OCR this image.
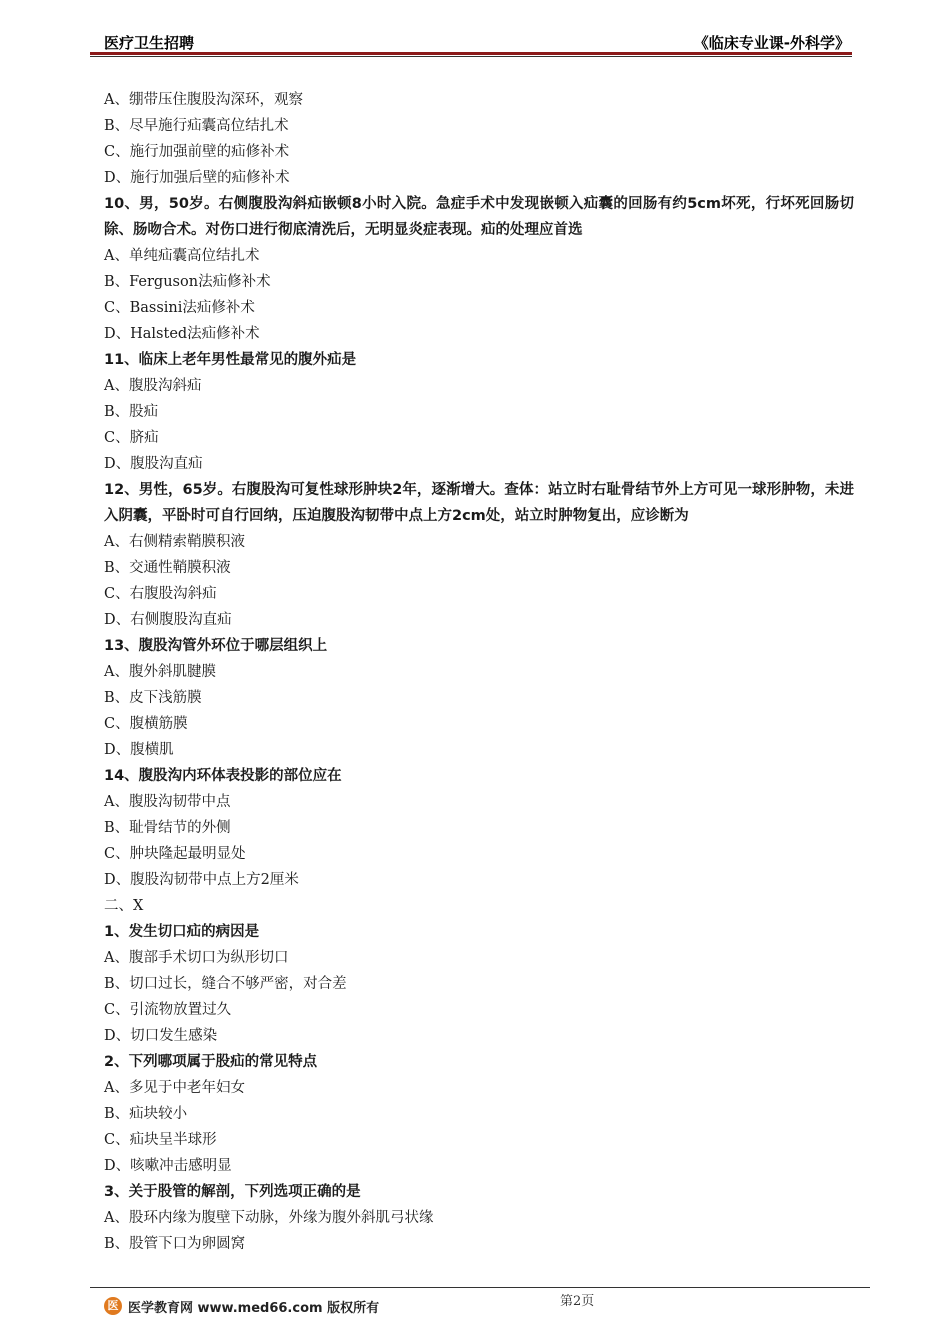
医疗卫生招聘	《临床专业课-外科学》
A、绷带压住腹股沟深环，观察
B、尽早施行疝囊高位结扎术
C、施行加强前壁的疝修补术
D、施行加强后壁的疝修补术
10、男，50岁。右侧腹股沟斜疝嵌顿8小时入院。急症手术中发现嵌顿入疝囊的回肠有约5cm坏死，行坏死回肠切除、肠吻合术。对伤口进行彻底清洗后，无明显炎症表现。疝的处理应首选
A、单纯疝囊高位结扎术
B、Ferguson法疝修补术
C、Bassini法疝修补术
D、Halsted法疝修补术
11、临床上老年男性最常见的腹外疝是
A、腹股沟斜疝
B、股疝
C、脐疝
D、腹股沟直疝
12、男性，65岁。右腹股沟可复性球形肿块2年，逐渐增大。查体：站立时右耻骨结节外上方可见一球形肿物，未进入阴囊，平卧时可自行回纳，压迫腹股沟韧带中点上方2cm处，站立时肿物复出，应诊断为
A、右侧精索鞘膜积液
B、交通性鞘膜积液
C、右腹股沟斜疝
D、右侧腹股沟直疝
13、腹股沟管外环位于哪层组织上
A、腹外斜肌腱膜
B、皮下浅筋膜
C、腹横筋膜
D、腹横肌
14、腹股沟内环体表投影的部位应在
A、腹股沟韧带中点
B、耻骨结节的外侧
C、肿块隆起最明显处
D、腹股沟韧带中点上方2厘米
二、X
1、发生切口疝的病因是
A、腹部手术切口为纵形切口
B、切口过长，缝合不够严密，对合差
C、引流物放置过久
D、切口发生感染
2、下列哪项属于股疝的常见特点
A、多见于中老年妇女
B、疝块较小
C、疝块呈半球形
D、咳嗽冲击感明显
3、关于股管的解剖，下列选项正确的是
A、股环内缘为腹壁下动脉，外缘为腹外斜肌弓状缘
B、股管下口为卵圆窝
医 医学教育网 www.med66.com 版权所有	第2页
